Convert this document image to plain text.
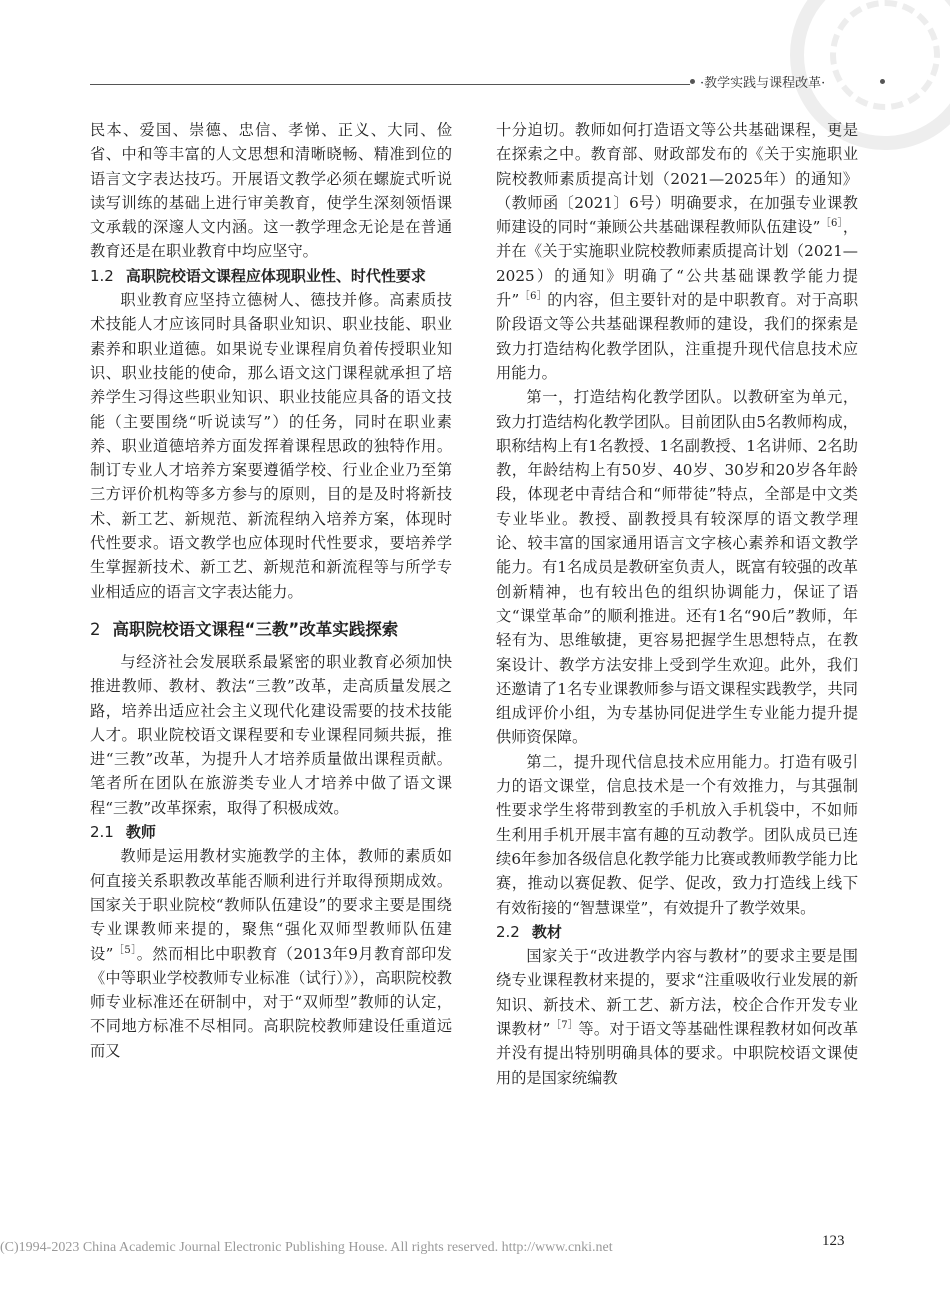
·教学实践与课程改革·

民本、爱国、崇德、忠信、孝悌、正义、大同、俭省、中和等丰富的人文思想和清晰晓畅、精准到位的语言文字表达技巧。开展语文教学必须在螺旋式听说读写训练的基础上进行审美教育，使学生深刻领悟课文承载的深邃人文内涵。这一教学理念无论是在普通教育还是在职业教育中均应坚守。

1.2 高职院校语文课程应体现职业性、时代性要求

职业教育应坚持立德树人、德技并修。高素质技术技能人才应该同时具备职业知识、职业技能、职业素养和职业道德。如果说专业课程肩负着传授职业知识、职业技能的使命，那么语文这门课程就承担了培养学生习得这些职业知识、职业技能应具备的语文技能（主要围绕“听说读写”）的任务，同时在职业素养、职业道德培养方面发挥着课程思政的独特作用。制订专业人才培养方案要遵循学校、行业企业乃至第三方评价机构等多方参与的原则，目的是及时将新技术、新工艺、新规范、新流程纳入培养方案，体现时代性要求。语文教学也应体现时代性要求，要培养学生掌握新技术、新工艺、新规范和新流程等与所学专业相适应的语言文字表达能力。

2 高职院校语文课程“三教”改革实践探索

与经济社会发展联系最紧密的职业教育必须加快推进教师、教材、教法“三教”改革，走高质量发展之路，培养出适应社会主义现代化建设需要的技术技能人才。职业院校语文课程要和专业课程同频共振，推进“三教”改革，为提升人才培养质量做出课程贡献。笔者所在团队在旅游类专业人才培养中做了语文课程“三教”改革探索，取得了积极成效。

2.1 教师

教师是运用教材实施教学的主体，教师的素质如何直接关系职教改革能否顺利进行并取得预期成效。国家关于职业院校“教师队伍建设”的要求主要是围绕专业课教师来提的，聚焦“强化双师型教师队伍建设”$^{[5]}$。然而相比中职教育（2013年9月教育部印发《中等职业学校教师专业标准（试行）》），高职院校教师专业标准还在研制中，对于“双师型”教师的认定，不同地方标准不尽相同。高职院校教师建设任重道远而又

十分迫切。教师如何打造语文等公共基础课程，更是在探索之中。教育部、财政部发布的《关于实施职业院校教师素质提高计划（2021—2025年）的通知》（教师函〔2021〕6号）明确要求，在加强专业课教师建设的同时“兼顾公共基础课程教师队伍建设”$^{[6]}$，并在《关于实施职业院校教师素质提高计划（2021—2025）的通知》明确了“公共基础课教学能力提升”$^{[6]}$的内容，但主要针对的是中职教育。对于高职阶段语文等公共基础课程教师的建设，我们的探索是致力打造结构化教学团队，注重提升现代信息技术应用能力。

第一，打造结构化教学团队。以教研室为单元，致力打造结构化教学团队。目前团队由5名教师构成，职称结构上有1名教授、1名副教授、1名讲师、2名助教，年龄结构上有50岁、40岁、30岁和20岁各年龄段，体现老中青结合和“师带徒”特点，全部是中文类专业毕业。教授、副教授具有较深厚的语文教学理论、较丰富的国家通用语言文字核心素养和语文教学能力。有1名成员是教研室负责人，既富有较强的改革创新精神，也有较出色的组织协调能力，保证了语文“课堂革命”的顺利推进。还有1名“90后”教师，年轻有为、思维敏捷，更容易把握学生思想特点，在教案设计、教学方法安排上受到学生欢迎。此外，我们还邀请了1名专业课教师参与语文课程实践教学，共同组成评价小组，为专基协同促进学生专业能力提升提供师资保障。

第二，提升现代信息技术应用能力。打造有吸引力的语文课堂，信息技术是一个有效推力，与其强制性要求学生将带到教室的手机放入手机袋中，不如师生利用手机开展丰富有趣的互动教学。团队成员已连续6年参加各级信息化教学能力比赛或教师教学能力比赛，推动以赛促教、促学、促改，致力打造线上线下有效衔接的“智慧课堂”，有效提升了教学效果。

2.2 教材

国家关于“改进教学内容与教材”的要求主要是围绕专业课程教材来提的，要求“注重吸收行业发展的新知识、新技术、新工艺、新方法，校企合作开发专业课教材”$^{[7]}$等。对于语文等基础性课程教材如何改革并没有提出特别明确具体的要求。中职院校语文课使用的是国家统编教

(C)1994-2023 China Academic Journal Electronic Publishing House. All rights reserved. http://www.cnki.net	123
